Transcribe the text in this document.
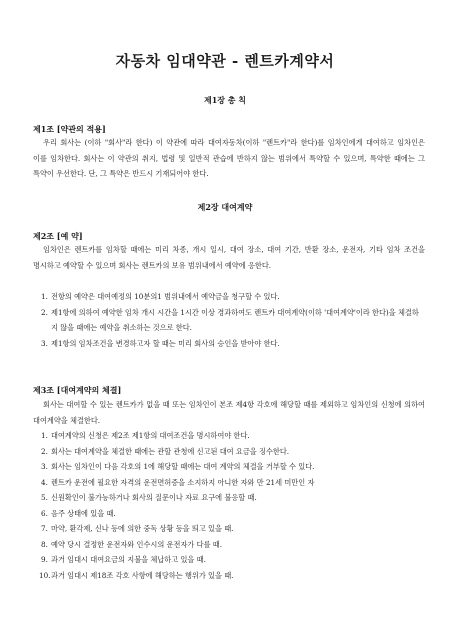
자동차 임대약관 - 렌트카계약서
제1장 총 칙
제1조 [약관의 적용]
우리 회사는 (이하 "회사"라 한다) 이 약관에 따라 대여자동차(이하 "렌트카"라 한다)를 임차인에게 대여하고 임차인은 이를 임차한다. 회사는 이 약관의 취지, 법령 및 일반적 관습에 반하지 않는 범위에서 특약할 수 있으며, 특약한 때에는 그 특약이 우선한다. 단, 그 특약은 반드시 기재되어야 한다.
제2장 대여계약
제2조 [예 약]
임차인은 렌트카를 임차할 때에는 미리 차종, 개시 일시, 대여 장소, 대여 기간, 반환 장소, 운전자, 기타 임차 조건을 명시하고 예약할 수 있으며 회사는 렌트카의 보유 범위내에서 예약에 응한다.
1. 전항의 예약은 대여예정의 10분의1 범위내에서 예약금을 청구할 수 있다.
2. 제1항에 의하여 예약한 임차 개시 시간을 1시간 이상 경과하여도 렌트카 대여계약(이하 '대여계약'이라 한다)을 체결하지 않을 때에는 예약을 취소하는 것으로 한다.
3. 제1항의 임차조건을 변경하고자 할 때는 미리 회사의 승인을 받아야 한다.
제3조 [대여계약의 체결]
회사는 대여할 수 있는 렌트카가 없을 때 또는 임차인이 본조 제4항 각호에 해당할 때를 제외하고 임차인의 신청에 의하여 대여계약을 체결한다.
1. 대여계약의 신청은 제2조 제1항의 대여조건을 명시하여야 한다.
2. 회사는 대여계약을 체결한 때에는 관할 관청에 신고된 대여 요금을 징수한다.
3. 회사는 임차인이 다음 각호의 1에 해당할 때에는 대여 계약의 체결을 거부할 수 있다.
4. 렌트카 운전에 필요한 자격의 운전면허증을 소지하지 아니한 자와 만 21세 미만인 자
5. 신원확인이 불가능하거나 회사의 질문이나 자료 요구에 불응할 때.
6. 음주 상태에 있을 때.
7. 마약, 환각제, 신나 등에 의한 중독 상황 등을 띄고 있을 때.
8. 예약 당시 결정한 운전자와 인수시의 운전자가 다를 때.
9. 과거 임대시 대여요금의 지불을 체납하고 있을 때.
10. 과거 임대시 제18조 각호 사항에 해당하는 행위가 있을 때.
